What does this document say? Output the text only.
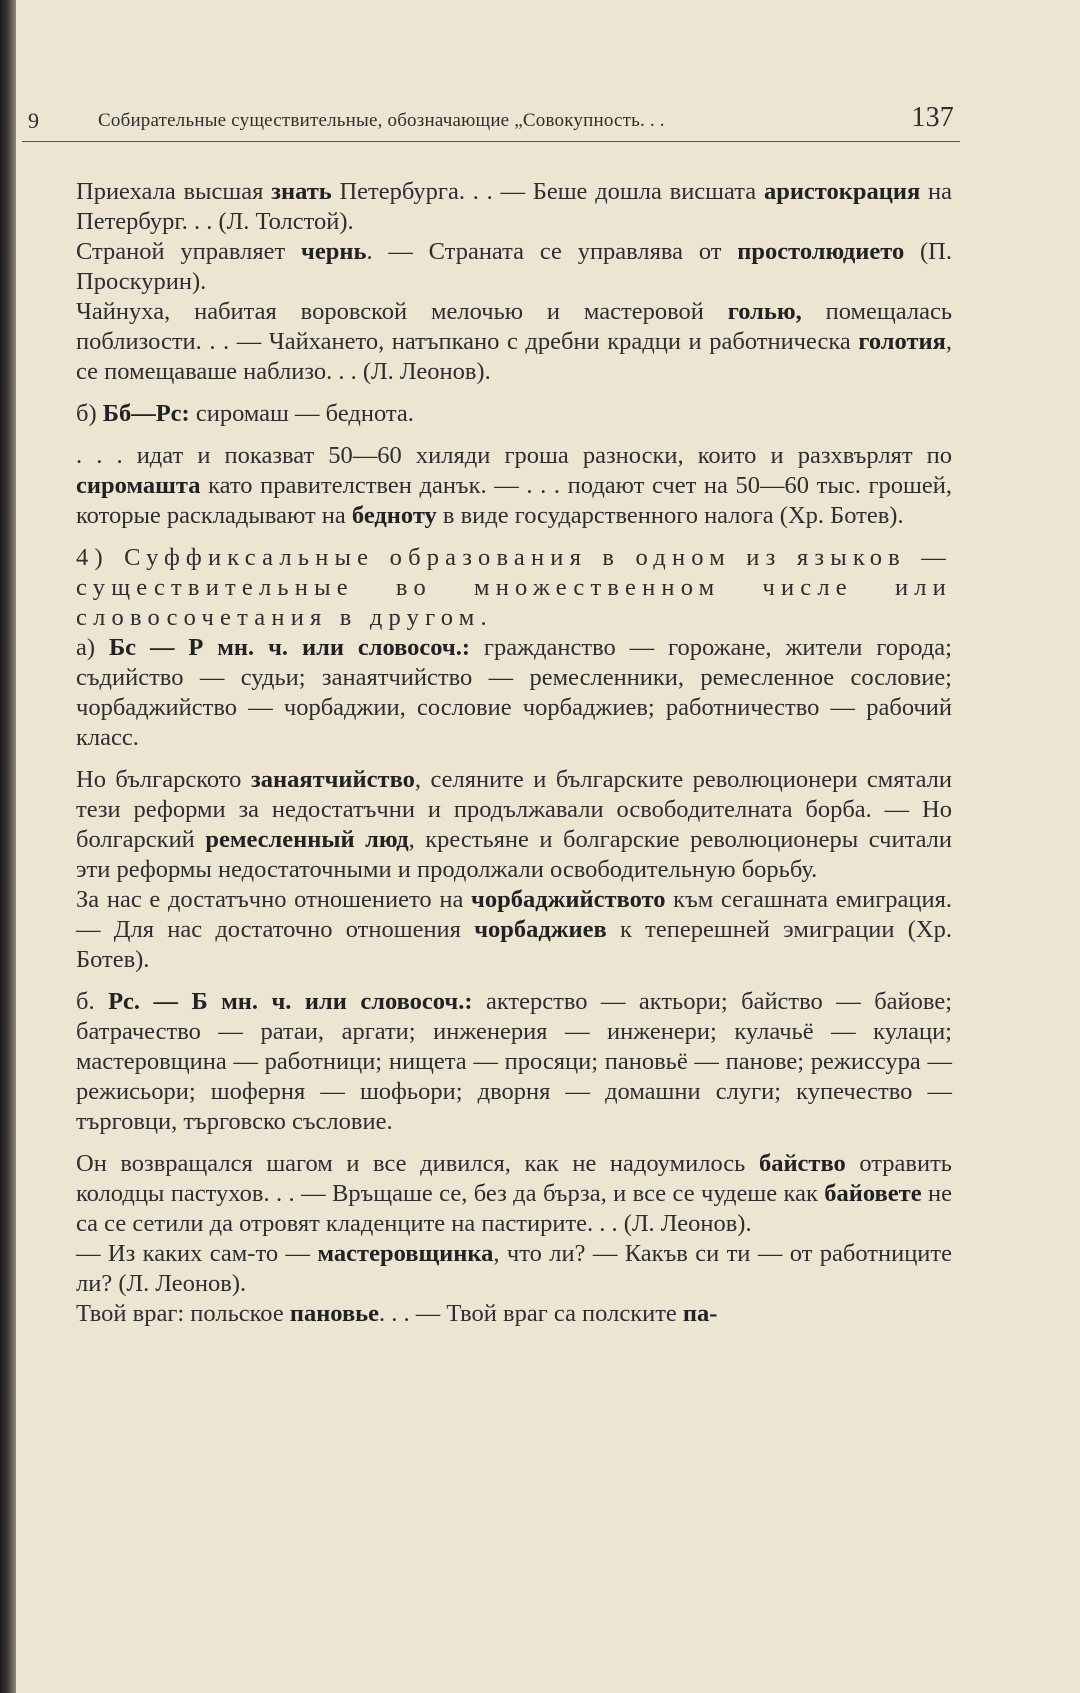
9	Собирательные существительные, обозначающие „Совокупность. . .	137

Приехала высшая знать Петербурга. . . — Беше дошла висшата аристокрация на Петербург. . . (Л. Толстой).

Страной управляет чернь. — Страната се управлява от простолюдието (П. Проскурин).

Чайнуха, набитая воровской мелочью и мастеровой голью, помещалась поблизости. . . — Чайхането, натъпкано с дребни крадци и работническа голотия, се помещаваше наблизо. . . (Л. Леонов).

б) Бб—Рс: сиромаш — беднота.

. . . идат и показват 50—60 хиляди гроша разноски, които и разхвърлят по сиромашта като правителствен данък. — . . . подают счет на 50—60 тыс. грошей, которые раскладывают на бедноту в виде государственного налога (Хр. Ботев).

4) Суффиксальные образования в одном из языков — существительные во множественном числе или словосочетания в другом.

а) Бс — Р мн. ч. или словосоч.: гражданство — горожане, жители города; съдийство — судьи; занаятчийство — ремесленники, ремесленное сословие; чорбаджийство — чорбаджии, сословие чорбаджиев; работничество — рабочий класс.

Но българското занаятчийство, селяните и българските революционери смятали тези реформи за недостатъчни и продължавали освободителната борба. — Но болгарский ремесленный люд, крестьяне и болгарские революционеры считали эти реформы недостаточными и продолжали освободительную борьбу.

За нас е достатъчно отношението на чорбаджийството към сегашната емиграция. — Для нас достаточно отношения чорбаджиев к теперешней эмиграции (Хр. Ботев).

б. Рс. — Б мн. ч. или словосоч.: актерство — актьори; байство — байове; батрачество — ратаи, аргати; инженерия — инженери; кулачьё — кулаци; мастеровщина — работници; нищета — просяци; пановьё — панове; режиссура — режисьори; шоферня — шофьори; дворня — домашни слуги; купечество — търговци, търговско съсловие.

Он возвращался шагом и все дивился, как не надоумилось байство отравить колодцы пастухов. . . — Връщаше се, без да бърза, и все се чудеше как байовете не са се сетили да отровят кладенците на пастирите. . . (Л. Леонов).

— Из каких сам-то — мастеровщинка, что ли? — Какъв си ти — от работниците ли? (Л. Леонов).

Твой враг: польское пановье. . . — Твой враг са полските па-
